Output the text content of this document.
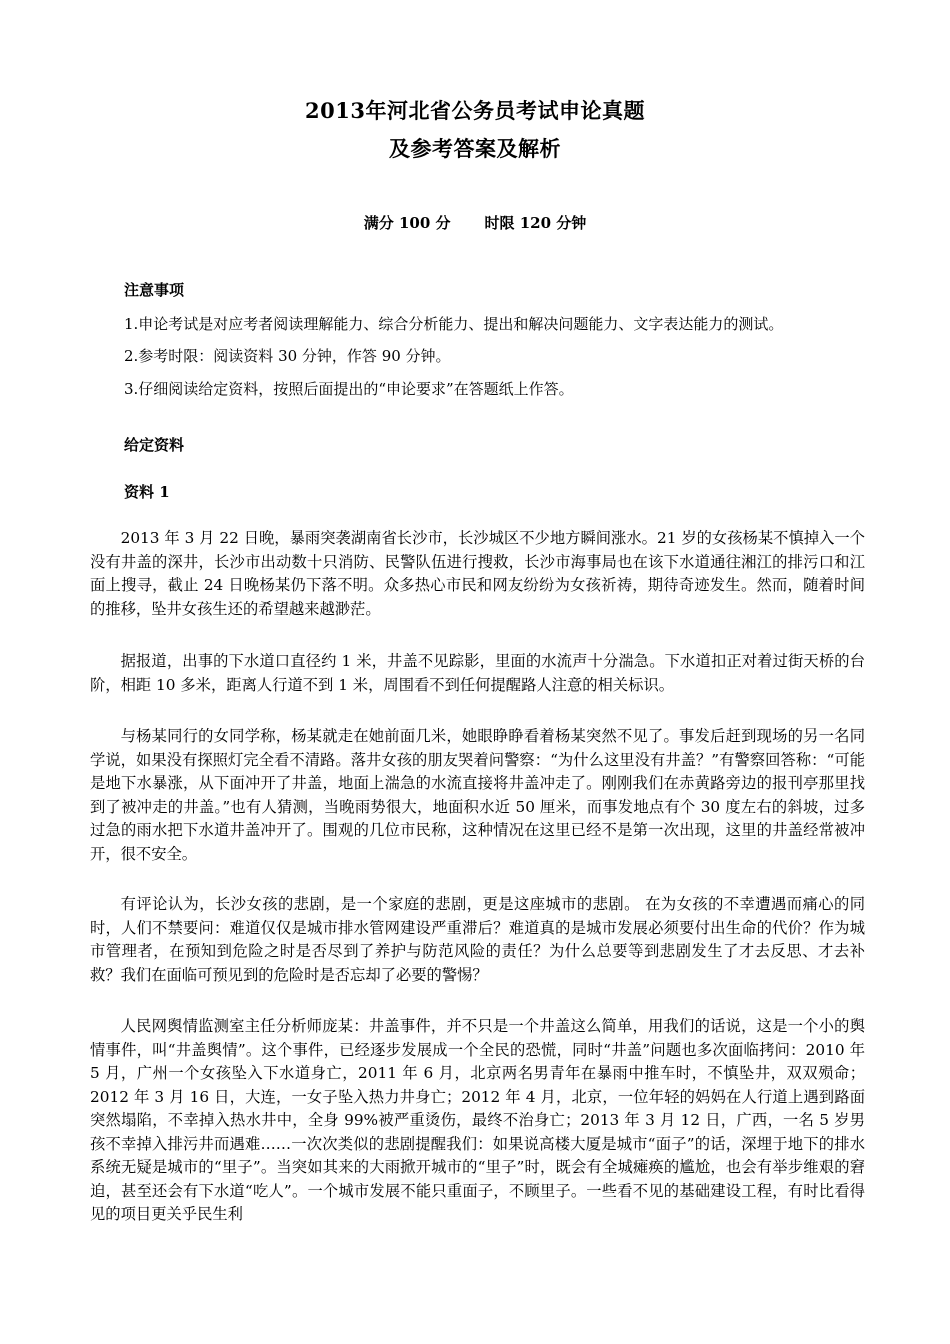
2013年河北省公务员考试申论真题
及参考答案及解析
满分 100 分 时限 120 分钟
注意事项
1.申论考试是对应考者阅读理解能力、综合分析能力、提出和解决问题能力、文字表达能力的测试。
2.参考时限：阅读资料 30 分钟，作答 90 分钟。
3.仔细阅读给定资料，按照后面提出的“申论要求”在答题纸上作答。
给定资料
资料 1
2013 年 3 月 22 日晚，暴雨突袭湖南省长沙市，长沙城区不少地方瞬间涨水。21 岁的女孩杨某不慎掉入一个没有井盖的深井，长沙市出动数十只消防、民警队伍进行搜救，长沙市海事局也在该下水道通往湘江的排污口和江面上搜寻，截止 24 日晚杨某仍下落不明。众多热心市民和网友纷纷为女孩祈祷，期待奇迹发生。然而，随着时间的推移，坠井女孩生还的希望越来越渺茫。
据报道，出事的下水道口直径约 1 米，井盖不见踪影，里面的水流声十分湍急。下水道扣正对着过街天桥的台阶，相距 10 多米，距离人行道不到 1 米，周围看不到任何提醒路人注意的相关标识。
与杨某同行的女同学称，杨某就走在她前面几米，她眼睁睁看着杨某突然不见了。事发后赶到现场的另一名同学说，如果没有探照灯完全看不清路。落井女孩的朋友哭着问警察：“为什么这里没有井盖？”有警察回答称：“可能是地下水暴涨，从下面冲开了井盖，地面上湍急的水流直接将井盖冲走了。刚刚我们在赤黄路旁边的报刊亭那里找到了被冲走的井盖。”也有人猜测，当晚雨势很大，地面积水近 50 厘米，而事发地点有个 30 度左右的斜坡，过多过急的雨水把下水道井盖冲开了。围观的几位市民称，这种情况在这里已经不是第一次出现，这里的井盖经常被冲开，很不安全。
有评论认为，长沙女孩的悲剧，是一个家庭的悲剧，更是这座城市的悲剧。 在为女孩的不幸遭遇而痛心的同时，人们不禁要问：难道仅仅是城市排水管网建设严重滞后？难道真的是城市发展必须要付出生命的代价？作为城市管理者，在预知到危险之时是否尽到了养护与防范风险的责任？为什么总要等到悲剧发生了才去反思、才去补救？我们在面临可预见到的危险时是否忘却了必要的警惕？
人民网舆情监测室主任分析师庞某：井盖事件，并不只是一个井盖这么简单，用我们的话说，这是一个小的舆情事件，叫“井盖舆情”。这个事件，已经逐步发展成一个全民的恐慌，同时“井盖”问题也多次面临拷问：2010 年 5 月，广州一个女孩坠入下水道身亡，2011 年 6 月，北京两名男青年在暴雨中推车时，不慎坠井，双双殒命；2012 年 3 月 16 日，大连，一女子坠入热力井身亡；2012 年 4 月，北京，一位年轻的妈妈在人行道上遇到路面突然塌陷，不幸掉入热水井中，全身 99%被严重烫伤，最终不治身亡；2013 年 3 月 12 日，广西，一名 5 岁男孩不幸掉入排污井而遇难……一次次类似的悲剧提醒我们：如果说高楼大厦是城市“面子”的话，深埋于地下的排水系统无疑是城市的“里子”。当突如其来的大雨掀开城市的“里子”时，既会有全城瘫痪的尴尬，也会有举步维艰的窘迫，甚至还会有下水道“吃人”。一个城市发展不能只重面子，不顾里子。一些看不见的基础建设工程，有时比看得见的项目更关乎民生利
